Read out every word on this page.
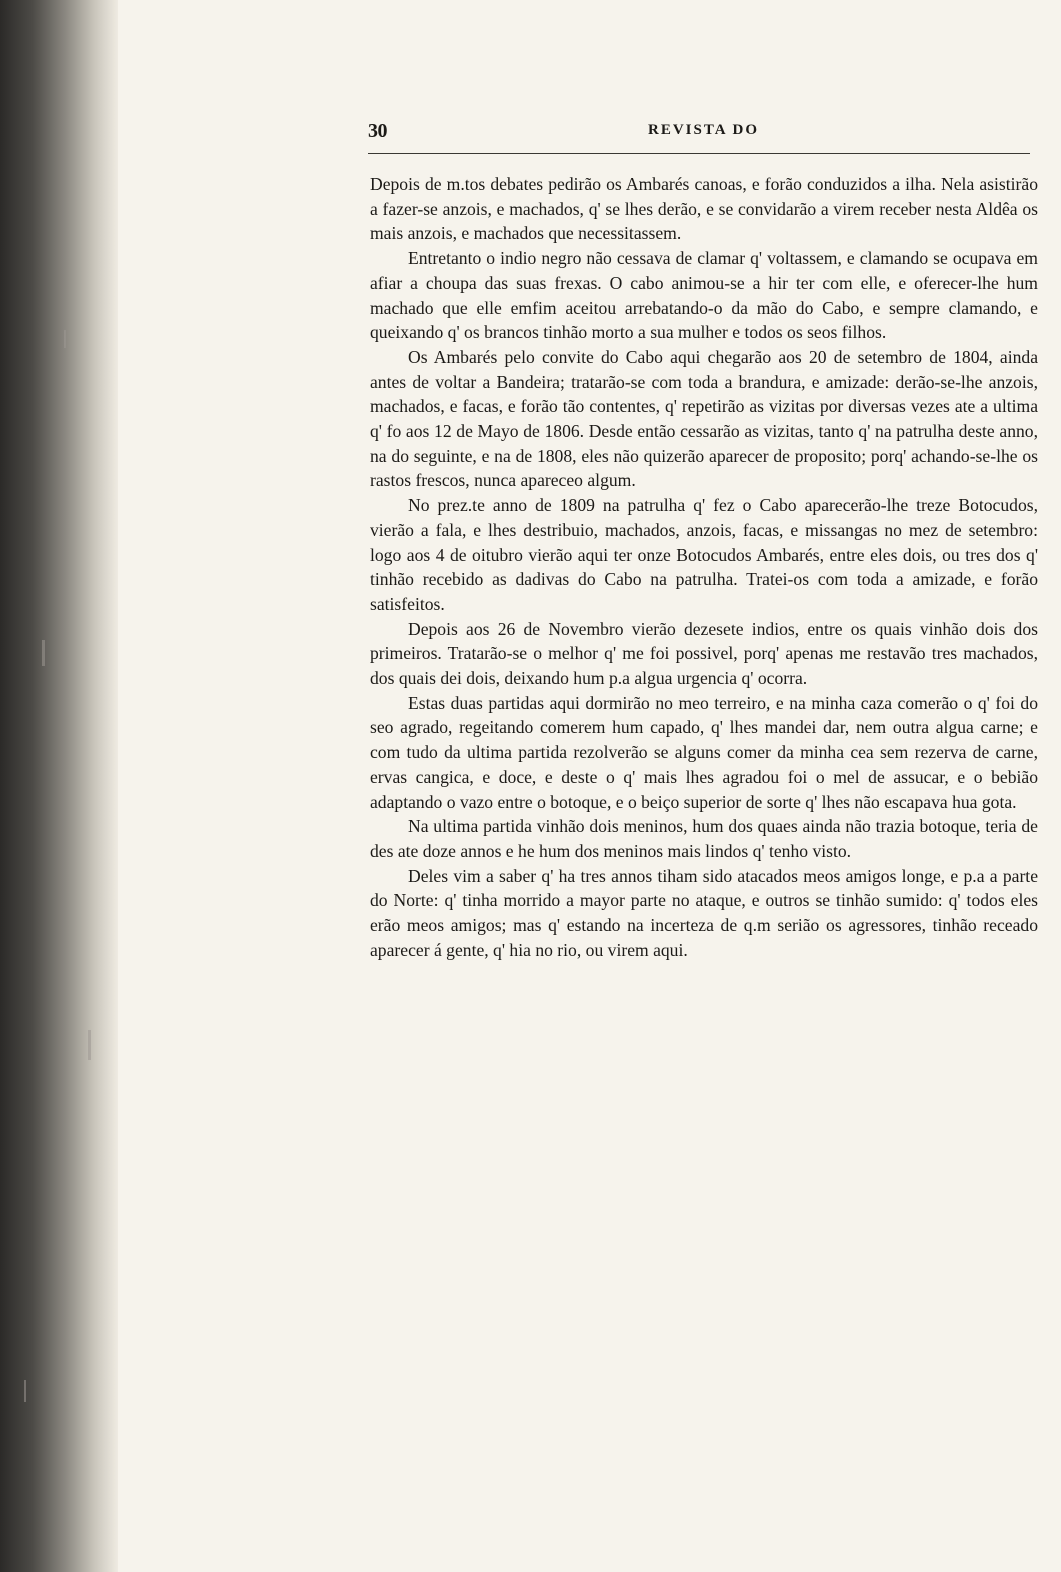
30	REVISTA DO

Depois de m.tos debates pedirão os Ambarés canoas, e forão conduzidos a ilha. Nela asistirão a fazer-se anzois, e machados, q' se lhes derão, e se convidarão a virem receber nesta Aldêa os mais anzois, e machados que necessitassem.

Entretanto o indio negro não cessava de clamar q' voltassem, e clamando se ocupava em afiar a choupa das suas frexas. O cabo animou-se a hir ter com elle, e oferecer-lhe hum machado que elle emfim aceitou arrebatando-o da mão do Cabo, e sempre clamando, e queixando q' os brancos tinhão morto a sua mulher e todos os seos filhos.

Os Ambarés pelo convite do Cabo aqui chegarão aos 20 de setembro de 1804, ainda antes de voltar a Bandeira; tratarão-se com toda a brandura, e amizade: derão-se-lhe anzois, machados, e facas, e forão tão contentes, q' repetirão as vizitas por diversas vezes ate a ultima q' fo aos 12 de Mayo de 1806. Desde então cessarão as vizitas, tanto q' na patrulha deste anno, na do seguinte, e na de 1808, eles não quizerão aparecer de proposito; porq' achando-se-lhe os rastos frescos, nunca apareceo algum.

No prez.te anno de 1809 na patrulha q' fez o Cabo aparecerão-lhe treze Botocudos, vierão a fala, e lhes destribuio, machados, anzois, facas, e missangas no mez de setembro: logo aos 4 de oitubro vierão aqui ter onze Botocudos Ambarés, entre eles dois, ou tres dos q' tinhão recebido as dadivas do Cabo na patrulha. Tratei-os com toda a amizade, e forão satisfeitos.

Depois aos 26 de Novembro vierão dezesete indios, entre os quais vinhão dois dos primeiros. Tratarão-se o melhor q' me foi possivel, porq' apenas me restavão tres machados, dos quais dei dois, deixando hum p.a algua urgencia q' ocorra.

Estas duas partidas aqui dormirão no meo terreiro, e na minha caza comerão o q' foi do seo agrado, regeitando comerem hum capado, q' lhes mandei dar, nem outra algua carne; e com tudo da ultima partida rezolverão se alguns comer da minha cea sem rezerva de carne, ervas cangica, e doce, e deste o q' mais lhes agradou foi o mel de assucar, e o bebião adaptando o vazo entre o botoque, e o beiço superior de sorte q' lhes não escapava hua gota.

Na ultima partida vinhão dois meninos, hum dos quaes ainda não trazia botoque, teria de des ate doze annos e he hum dos meninos mais lindos q' tenho visto.

Deles vim a saber q' ha tres annos tiham sido atacados meos amigos longe, e p.a a parte do Norte: q' tinha morrido a mayor parte no ataque, e outros se tinhão sumido: q' todos eles erão meos amigos; mas q' estando na incerteza de q.m serião os agressores, tinhão receado aparecer á gente, q' hia no rio, ou virem aqui.
